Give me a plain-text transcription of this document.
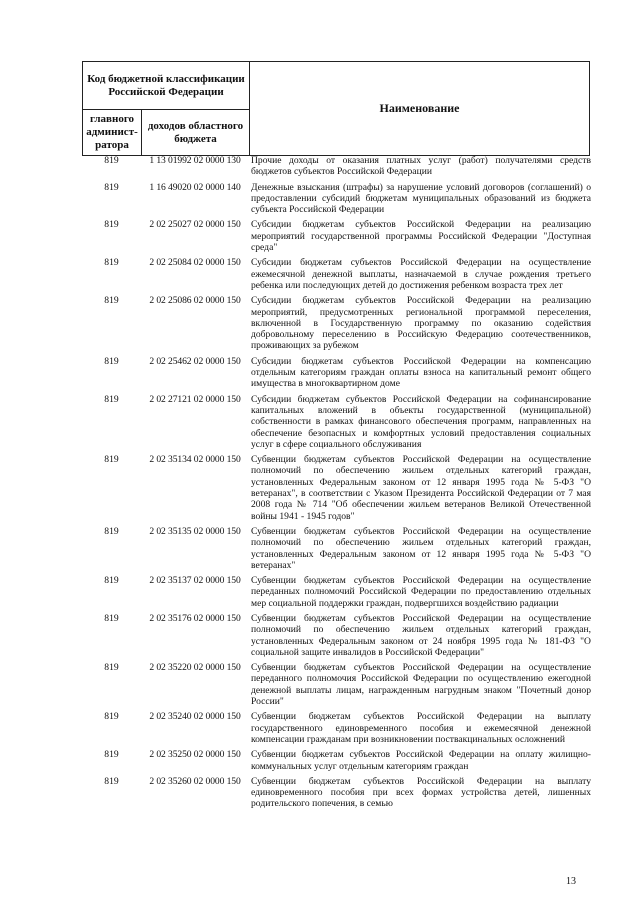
Код бюджетной классификации Российской Федерации		Наименование
главного админист-ратора	доходов областного бюджета	
819	1 13 01992 02 0000 130	Прочие доходы от оказания платных услуг (работ) получателями средств бюджетов субъектов Российской Федерации
819	1 16 49020 02 0000 140	Денежные взыскания (штрафы) за нарушение условий договоров (соглашений) о предоставлении субсидий бюджетам муниципальных образований из бюджета субъекта Российской Федерации
819	2 02 25027 02 0000 150	Субсидии бюджетам субъектов Российской Федерации на реализацию мероприятий государственной программы Российской Федерации "Доступная среда"
819	2 02 25084 02 0000 150	Субсидии бюджетам субъектов Российской Федерации на осуществление ежемесячной денежной выплаты, назначаемой в случае рождения третьего ребенка или последующих детей до достижения ребенком возраста трех лет
819	2 02 25086 02 0000 150	Субсидии бюджетам субъектов Российской Федерации на реализацию мероприятий, предусмотренных региональной программой переселения, включенной в Государственную программу по оказанию содействия добровольному переселению в Российскую Федерацию соотечественников, проживающих за рубежом
819	2 02 25462 02 0000 150	Субсидии бюджетам субъектов Российской Федерации на компенсацию отдельным категориям граждан оплаты взноса на капитальный ремонт общего имущества в многоквартирном доме
819	2 02 27121 02 0000 150	Субсидии бюджетам субъектов Российской Федерации на софинансирование капитальных вложений в объекты государственной (муниципальной) собственности в рамках финансового обеспечения программ, направленных на обеспечение безопасных и комфортных условий предоставления социальных услуг в сфере социального обслуживания
819	2 02 35134 02 0000 150	Субвенции бюджетам субъектов Российской Федерации на осуществление полномочий по обеспечению жильем отдельных категорий граждан, установленных Федеральным законом от 12 января 1995 года № 5-ФЗ "О ветеранах", в соответствии с Указом Президента Российской Федерации от 7 мая 2008 года № 714 "Об обеспечении жильем ветеранов Великой Отечественной войны 1941 - 1945 годов"
819	2 02 35135 02 0000 150	Субвенции бюджетам субъектов Российской Федерации на осуществление полномочий по обеспечению жильем отдельных категорий граждан, установленных Федеральным законом от 12 января 1995 года № 5-ФЗ "О ветеранах"
819	2 02 35137 02 0000 150	Субвенции бюджетам субъектов Российской Федерации на осуществление переданных полномочий Российской Федерации по предоставлению отдельных мер социальной поддержки граждан, подвергшихся воздействию радиации
819	2 02 35176 02 0000 150	Субвенции бюджетам субъектов Российской Федерации на осуществление полномочий по обеспечению жильем отдельных категорий граждан, установленных Федеральным законом от 24 ноября 1995 года № 181-ФЗ "О социальной защите инвалидов в Российской Федерации"
819	2 02 35220 02 0000 150	Субвенции бюджетам субъектов Российской Федерации на осуществление переданного полномочия Российской Федерации по осуществлению ежегодной денежной выплаты лицам, награжденным нагрудным знаком "Почетный донор России"
819	2 02 35240 02 0000 150	Субвенции бюджетам субъектов Российской Федерации на выплату государственного единовременного пособия и ежемесячной денежной компенсации гражданам при возникновении поствакцинальных осложнений
819	2 02 35250 02 0000 150	Субвенции бюджетам субъектов Российской Федерации на оплату жилищно-коммунальных услуг отдельным категориям граждан
819	2 02 35260 02 0000 150	Субвенции бюджетам субъектов Российской Федерации на выплату единовременного пособия при всех формах устройства детей, лишенных родительского попечения, в семью
13
